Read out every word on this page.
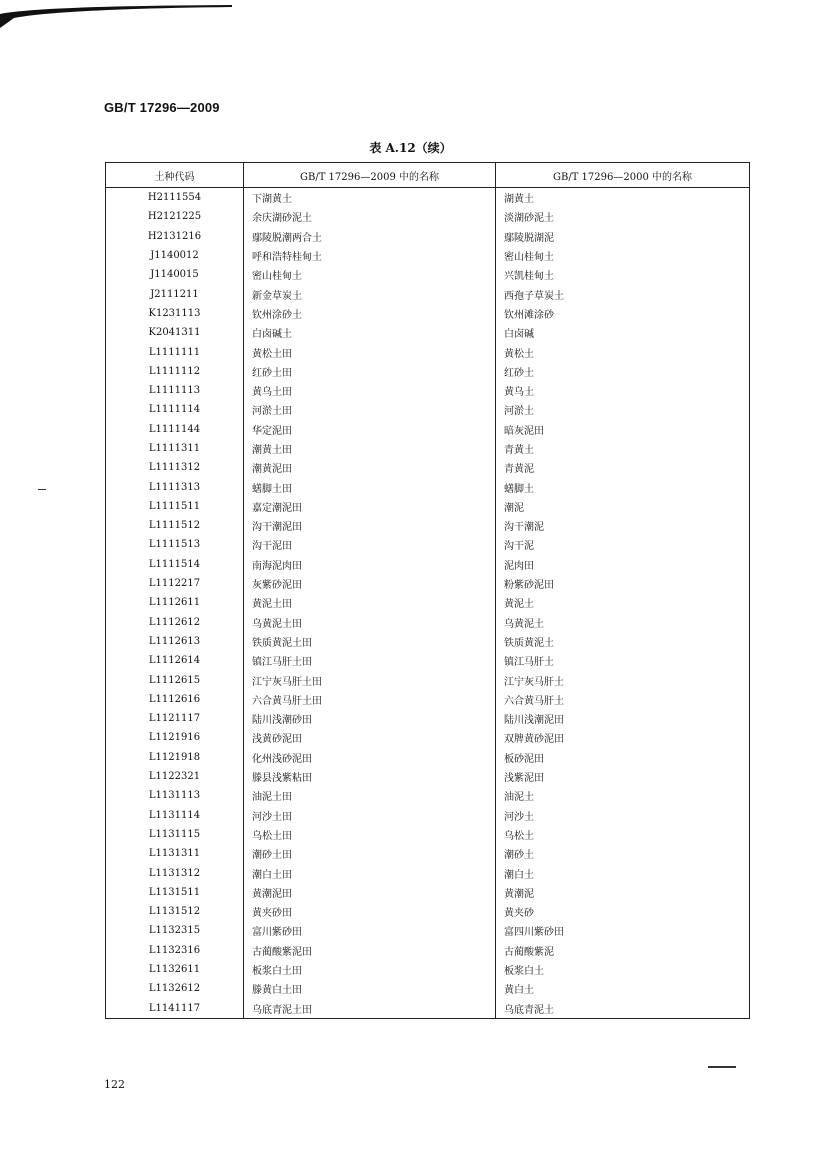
GB/T 17296—2009
表 A.12（续）
土种代码	GB/T 17296—2009 中的名称	GB/T 17296—2000 中的名称
H2111554	下湖黄土	湖黄土
H2121225	余庆湖砂泥土	淡湖砂泥土
H2131216	鄢陵脱潮两合土	鄢陵脱湖泥
J1140012	呼和浩特桂甸土	密山桂甸土
J1140015	密山桂甸土	兴凯桂甸土
J2111211	新金草炭土	西孢子草炭土
K1231113	钦州涂砂土	钦州滩涂砂
K2041311	白卤碱土	白卤碱
L1111111	黄松土田	黄松土
L1111112	红砂土田	红砂土
L1111113	黄乌土田	黄乌土
L1111114	河淤土田	河淤土
L1111144	华定泥田	暗灰泥田
L1111311	潮黄土田	青黄土
L1111312	潮黄泥田	青黄泥
L1111313	蟮脚土田	蟮脚土
L1111511	嘉定潮泥田	潮泥
L1111512	沟干潮泥田	沟干潮泥
L1111513	沟干泥田	沟干泥
L1111514	南海泥肉田	泥肉田
L1112217	灰紫砂泥田	粉紫砂泥田
L1112611	黄泥土田	黄泥土
L1112612	乌黄泥土田	乌黄泥土
L1112613	铁质黄泥土田	铁质黄泥土
L1112614	镇江马肝土田	镇江马肝土
L1112615	江宁灰马肝土田	江宁灰马肝土
L1112616	六合黄马肝土田	六合黄马肝土
L1121117	陆川浅潮砂田	陆川浅潮泥田
L1121916	浅黄砂泥田	双牌黄砂泥田
L1121918	化州浅砂泥田	板砂泥田
L1122321	滕县浅紫粘田	浅紫泥田
L1131113	油泥土田	油泥土
L1131114	河沙土田	河沙土
L1131115	乌松土田	乌松土
L1131311	潮砂土田	潮砂土
L1131312	潮白土田	潮白土
L1131511	黄潮泥田	黄潮泥
L1131512	黄夹砂田	黄夹砂
L1132315	富川紫砂田	富四川紫砂田
L1132316	古蔺酸紫泥田	古蔺酸紫泥
L1132611	板浆白土田	板浆白土
L1132612	滕黄白土田	黄白土
L1141117	乌底青泥土田	乌底青泥土
122
